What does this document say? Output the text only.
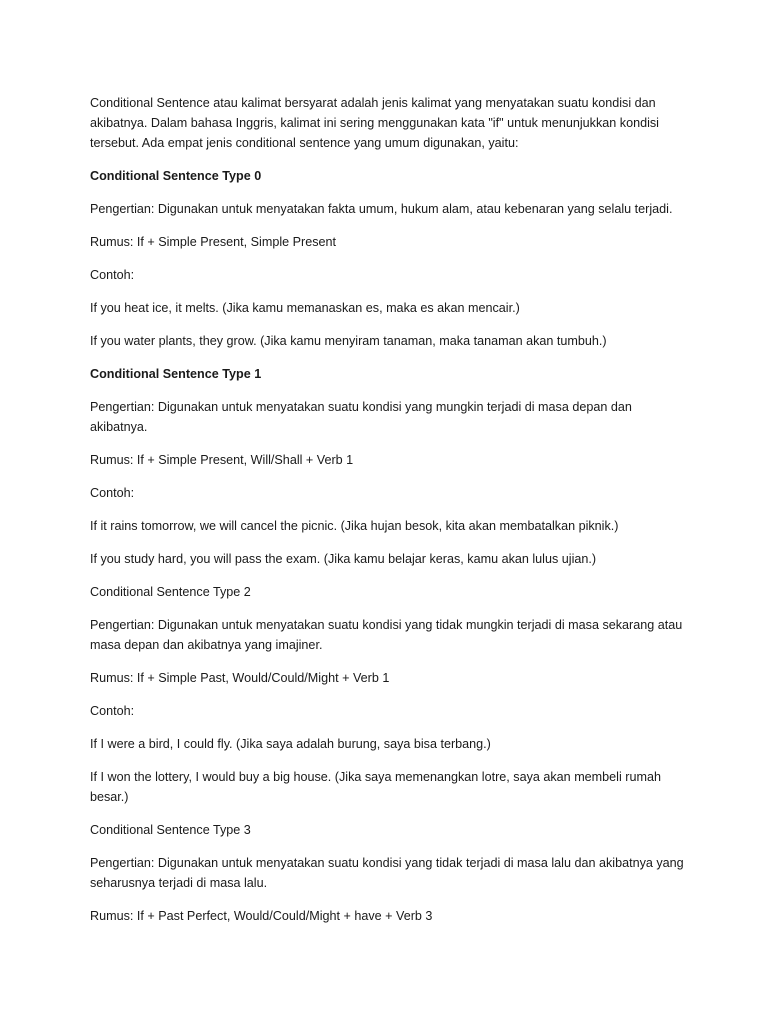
Conditional Sentence atau kalimat bersyarat adalah jenis kalimat yang menyatakan suatu kondisi dan akibatnya. Dalam bahasa Inggris, kalimat ini sering menggunakan kata "if" untuk menunjukkan kondisi tersebut. Ada empat jenis conditional sentence yang umum digunakan, yaitu:

Conditional Sentence Type 0

Pengertian: Digunakan untuk menyatakan fakta umum, hukum alam, atau kebenaran yang selalu terjadi.

Rumus: If + Simple Present, Simple Present

Contoh:

If you heat ice, it melts. (Jika kamu memanaskan es, maka es akan mencair.)

If you water plants, they grow. (Jika kamu menyiram tanaman, maka tanaman akan tumbuh.)

Conditional Sentence Type 1

Pengertian: Digunakan untuk menyatakan suatu kondisi yang mungkin terjadi di masa depan dan akibatnya.

Rumus: If + Simple Present, Will/Shall + Verb 1

Contoh:

If it rains tomorrow, we will cancel the picnic. (Jika hujan besok, kita akan membatalkan piknik.)

If you study hard, you will pass the exam. (Jika kamu belajar keras, kamu akan lulus ujian.)

Conditional Sentence Type 2

Pengertian: Digunakan untuk menyatakan suatu kondisi yang tidak mungkin terjadi di masa sekarang atau masa depan dan akibatnya yang imajiner.

Rumus: If + Simple Past, Would/Could/Might + Verb 1

Contoh:

If I were a bird, I could fly. (Jika saya adalah burung, saya bisa terbang.)

If I won the lottery, I would buy a big house. (Jika saya memenangkan lotre, saya akan membeli rumah besar.)

Conditional Sentence Type 3

Pengertian: Digunakan untuk menyatakan suatu kondisi yang tidak terjadi di masa lalu dan akibatnya yang seharusnya terjadi di masa lalu.

Rumus: If + Past Perfect, Would/Could/Might + have + Verb 3
